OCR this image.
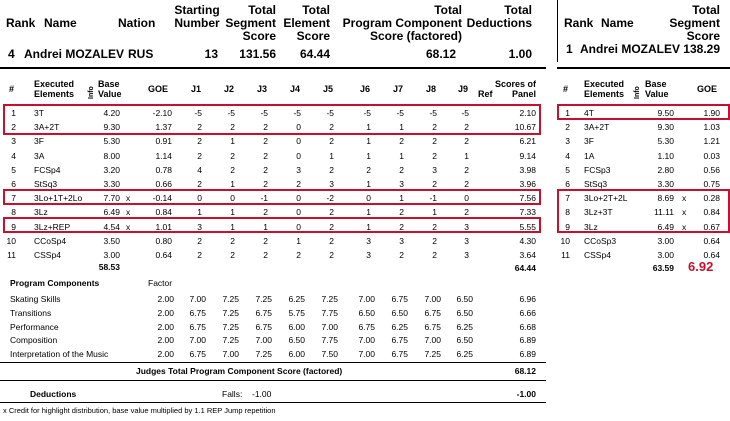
Rank Name	Nation
Starting
Number
Total
Segment
Score
Total
Element
Score
Total
Program Component
Score (factored)
Total
Deductions
4 Andrei MOZALEV RUS	13	131.56	64.44	68.12	1.00
Rank Name
Total
Segment
Score
1 Andrei MOZALEV 138.29
# Executed
Elements Info
Base
Value	GOE	J1	J2	J3	J4	J5	J6	J7	J8	J9	Ref
Scores of
Panel
1 3T	4.20	-2.10	-5	-5	-5	-5	-5	-5	-5	-5	-5	2.10
2 3A+2T	9.30	1.37	2	2	2	0	2	1	1	2	2	10.67
3 3F	5.30	0.91	2	1	2	0	2	1	2	2	2	6.21
4 3A	8.00	1.14	2	2	2	0	1	1	1	2	1	9.14
5 FCSp4	3.20	0.78	4	2	2	3	2	2	2	3	2	3.98
6 StSq3	3.30	0.66	2	1	2	2	3	1	3	2	2	3.96
7 3Lo+1T+2Lo	7.70 x	-0.14	0	0	-1	0	-2	0	1	-1	0	7.56
8 3Lz	6.49 x	0.84	1	1	2	0	2	1	2	1	2	7.33
9 3Lz+REP	4.54 x	1.01	3	1	1	0	2	1	2	2	3	5.55
10 CCoSp4	3.50	0.80	2	2	2	1	2	3	3	2	3	4.30
11 CSSp4	3.00	0.64	2	2	2	2	2	3	2	2	3	3.64
58.53	64.44
Program Components	Factor
Skating Skills	2.00	7.00	7.25	7.25	6.25	7.25	7.00	6.75	7.00	6.50	6.96
Transitions	2.00	6.75	7.25	6.75	5.75	7.75	6.50	6.50	6.75	6.50	6.66
Performance	2.00	6.75	7.25	6.75	6.00	7.00	6.75	6.25	6.75	6.25	6.68
Composition	2.00	7.00	7.25	7.00	6.50	7.75	7.00	6.75	7.00	6.50	6.89
Interpretation of the Music	2.00	6.75	7.00	7.25	6.00	7.50	7.00	6.75	7.25	6.25	6.89
Judges Total Program Component Score (factored)	68.12
Deductions	Falls: -1.00	-1.00
x Credit for highlight distribution, base value multiplied by 1.1 REP Jump repetition
# Executed
Elements Info
Base
Value	GOE
1 4T	9.50	1.90
2 3A+2T	9.30	1.03
3 3F	5.30	1.21
4 1A	1.10	0.03
5 FCSp3	2.80	0.56
6 StSq3	3.30	0.75
7 3Lo+2T+2L	8.69 x	0.28
8 3Lz+3T	11.11 x	0.84
9 3Lz	6.49 x	0.67
10 CCoSp3	3.00	0.64
11 CSSp4	3.00	0.64
63.59 6.92
